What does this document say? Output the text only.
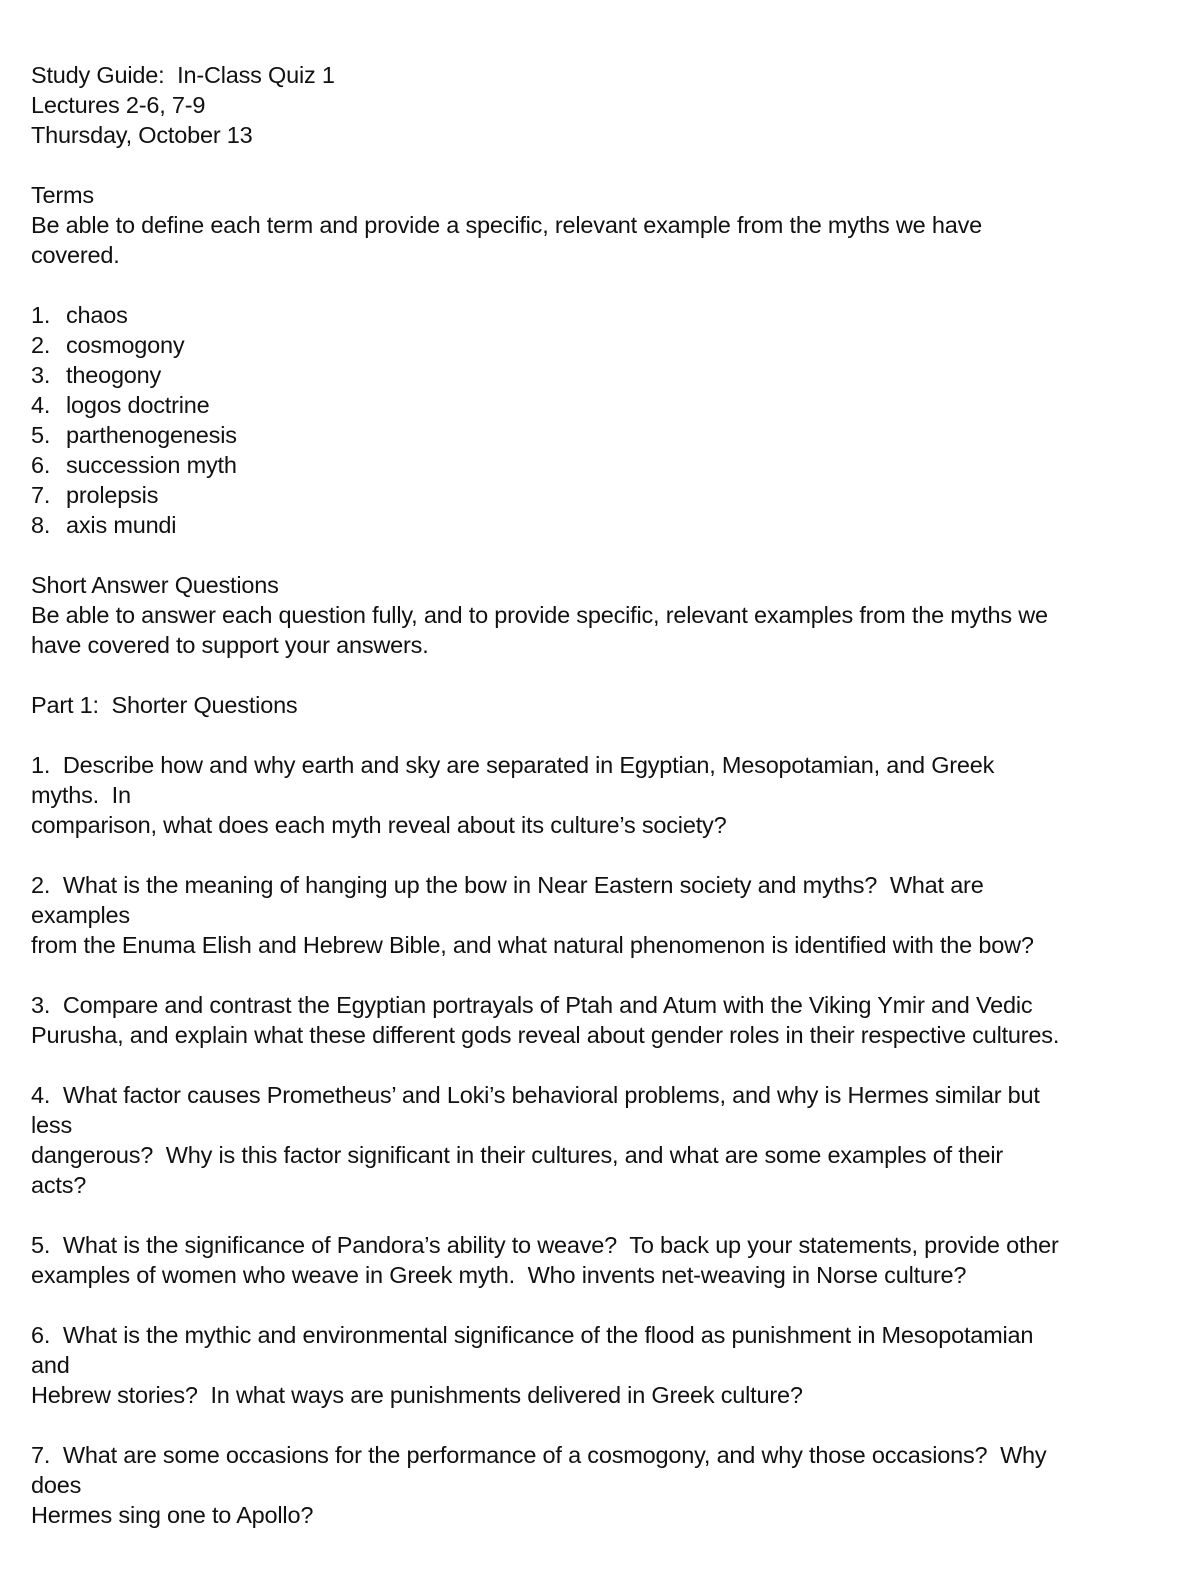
Study Guide:  In-Class Quiz 1
Lectures 2-6, 7-9
Thursday, October 13
Terms
Be able to define each term and provide a specific, relevant example from the myths we have
covered.
1. chaos
2. cosmogony
3. theogony
4. logos doctrine
5. parthenogenesis
6. succession myth
7. prolepsis
8. axis mundi
Short Answer Questions
Be able to answer each question fully, and to provide specific, relevant examples from the myths we
have covered to support your answers.
Part 1:  Shorter Questions
1.  Describe how and why earth and sky are separated in Egyptian, Mesopotamian, and Greek
myths.  In
comparison, what does each myth reveal about its culture’s society?
2.  What is the meaning of hanging up the bow in Near Eastern society and myths?  What are
examples
from the Enuma Elish and Hebrew Bible, and what natural phenomenon is identified with the bow?
3.  Compare and contrast the Egyptian portrayals of Ptah and Atum with the Viking Ymir and Vedic
Purusha, and explain what these different gods reveal about gender roles in their respective cultures.
4.  What factor causes Prometheus’ and Loki’s behavioral problems, and why is Hermes similar but
less
dangerous?  Why is this factor significant in their cultures, and what are some examples of their
acts?
5.  What is the significance of Pandora’s ability to weave?  To back up your statements, provide other
examples of women who weave in Greek myth.  Who invents net-weaving in Norse culture?
6.  What is the mythic and environmental significance of the flood as punishment in Mesopotamian
and
Hebrew stories?  In what ways are punishments delivered in Greek culture?
7.  What are some occasions for the performance of a cosmogony, and why those occasions?  Why
does
Hermes sing one to Apollo?
